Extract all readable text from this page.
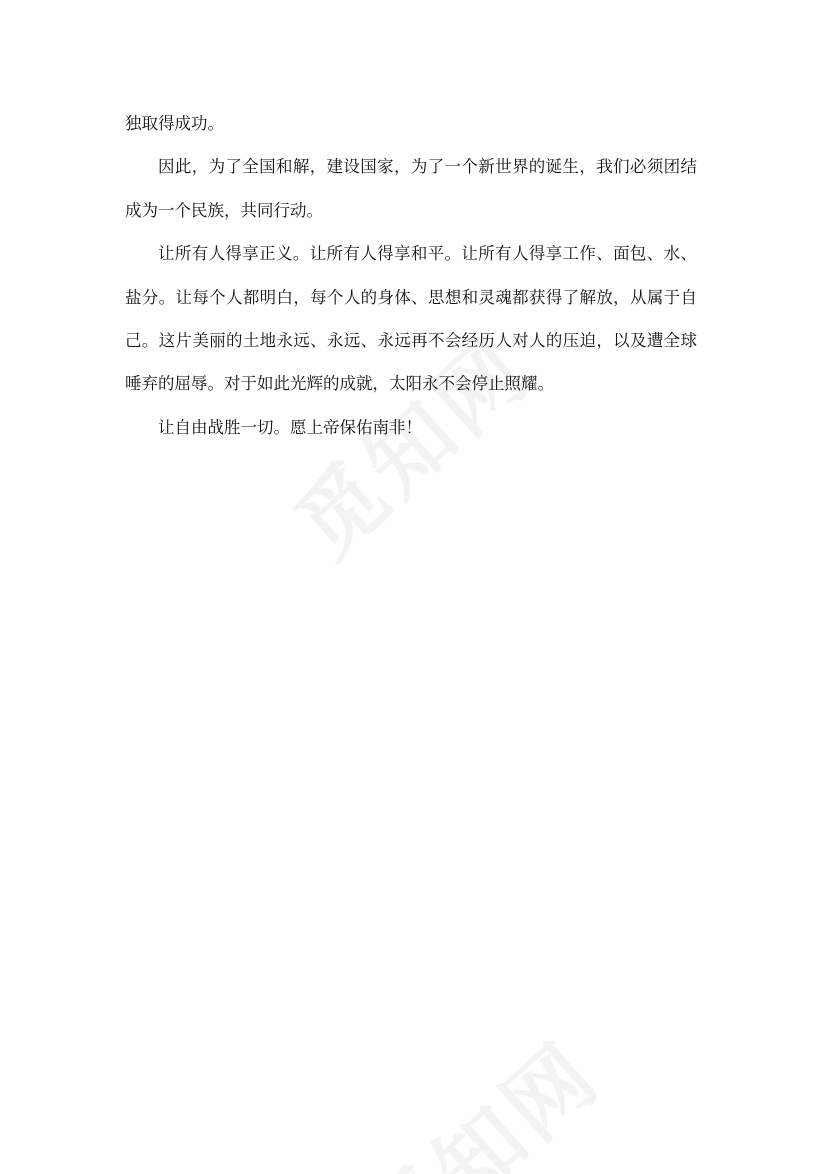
独取得成功。

因此，为了全国和解，建设国家，为了一个新世界的诞生，我们必须团结成为一个民族，共同行动。

让所有人得享正义。让所有人得享和平。让所有人得享工作、面包、水、盐分。让每个人都明白，每个人的身体、思想和灵魂都获得了解放，从属于自己。这片美丽的土地永远、永远、永远再不会经历人对人的压迫，以及遭全球唾弃的屈辱。对于如此光辉的成就，太阳永不会停止照耀。

让自由战胜一切。愿上帝保佑南非！
